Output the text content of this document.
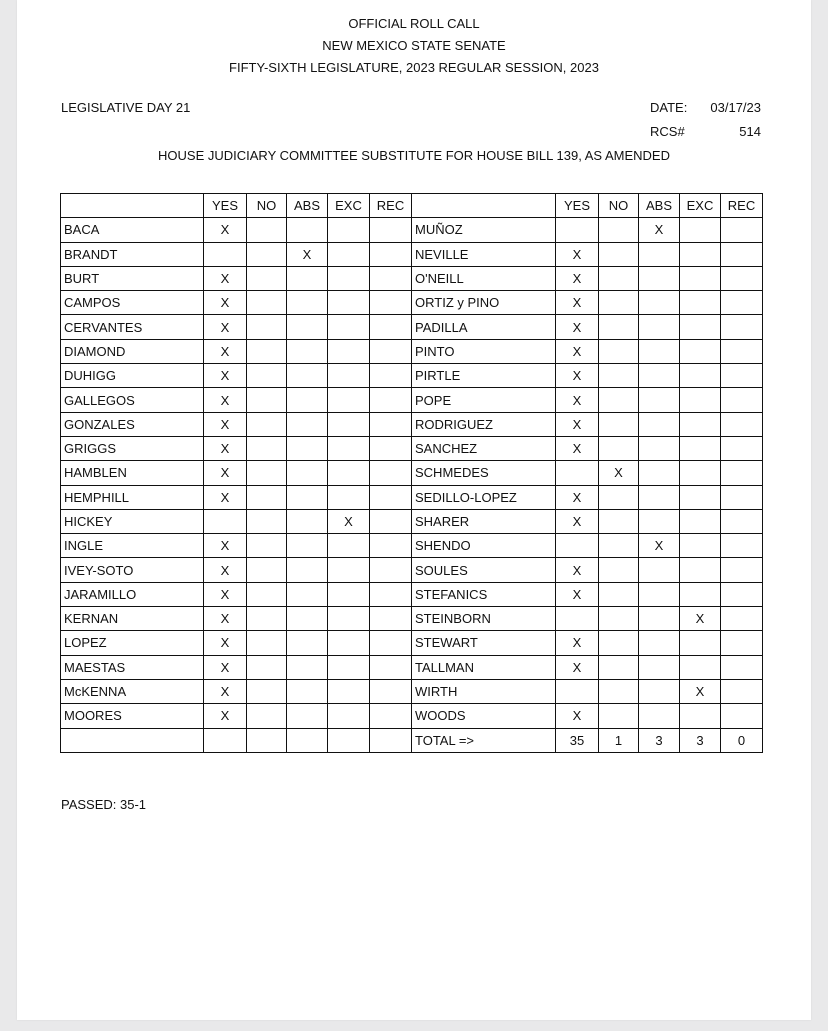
OFFICIAL ROLL CALL
NEW MEXICO STATE SENATE
FIFTY-SIXTH LEGISLATURE, 2023 REGULAR SESSION, 2023
LEGISLATIVE DAY 21	DATE: 03/17/23
RCS#	514
HOUSE JUDICIARY COMMITTEE SUBSTITUTE FOR HOUSE BILL 139, AS AMENDED
	YES	NO	ABS	EXC	REC		YES	NO	ABS	EXC	REC
BACA	X					MUÑOZ			X		
BRANDT			X			NEVILLE	X				
BURT	X					O'NEILL	X				
CAMPOS	X					ORTIZ y PINO	X				
CERVANTES	X					PADILLA	X				
DIAMOND	X					PINTO	X				
DUHIGG	X					PIRTLE	X				
GALLEGOS	X					POPE	X				
GONZALES	X					RODRIGUEZ	X				
GRIGGS	X					SANCHEZ	X				
HAMBLEN	X					SCHMEDES		X			
HEMPHILL	X					SEDILLO-LOPEZ	X				
HICKEY				X		SHARER	X				
INGLE	X					SHENDO			X		
IVEY-SOTO	X					SOULES	X				
JARAMILLO	X					STEFANICS	X				
KERNAN	X					STEINBORN				X	
LOPEZ	X					STEWART	X				
MAESTAS	X					TALLMAN	X				
McKENNA	X					WIRTH				X	
MOORES	X					WOODS	X				
						TOTAL =>	35	1	3	3	0
PASSED: 35-1
